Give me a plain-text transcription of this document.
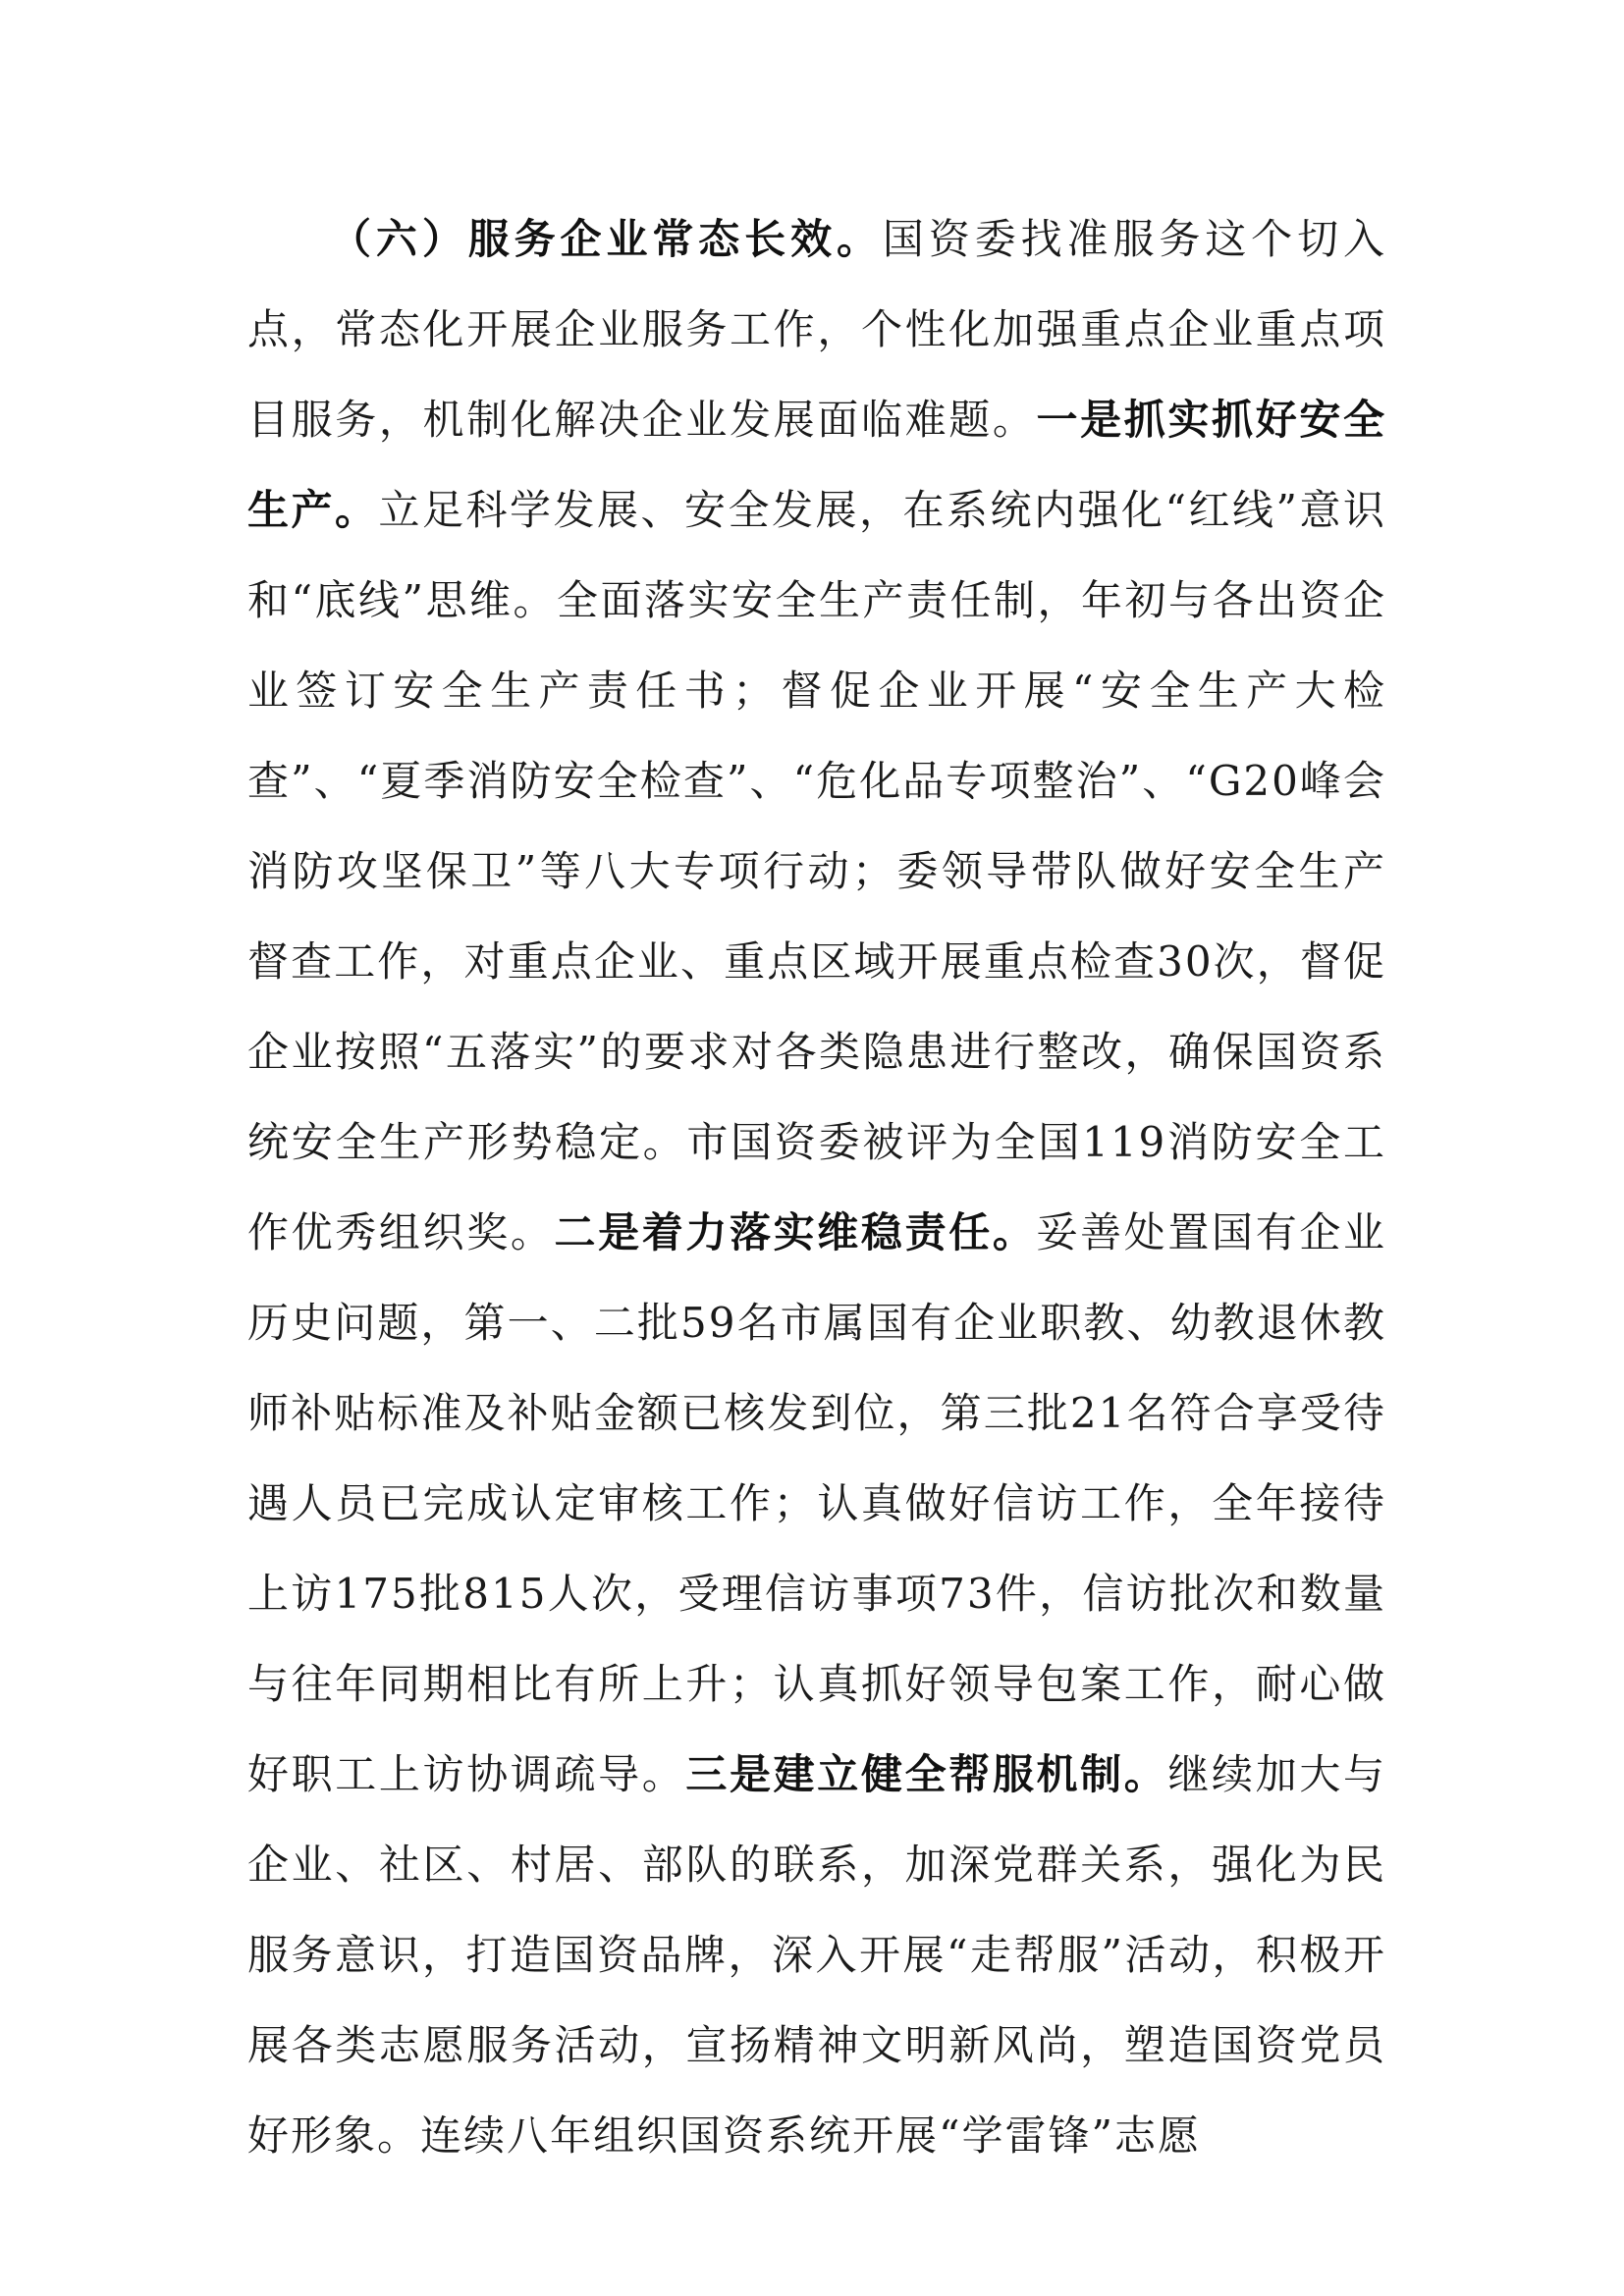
（六）服务企业常态长效。国资委找准服务这个切入点，常态化开展企业服务工作，个性化加强重点企业重点项目服务，机制化解决企业发展面临难题。一是抓实抓好安全生产。立足科学发展、安全发展，在系统内强化“红线”意识和“底线”思维。全面落实安全生产责任制，年初与各出资企业签订安全生产责任书；督促企业开展“安全生产大检查”、“夏季消防安全检查”、“危化品专项整治”、“G20峰会消防攻坚保卫”等八大专项行动；委领导带队做好安全生产督查工作，对重点企业、重点区域开展重点检查30次，督促企业按照“五落实”的要求对各类隐患进行整改，确保国资系统安全生产形势稳定。市国资委被评为全国119消防安全工作优秀组织奖。二是着力落实维稳责任。妥善处置国有企业历史问题，第一、二批59名市属国有企业职教、幼教退休教师补贴标准及补贴金额已核发到位，第三批21名符合享受待遇人员已完成认定审核工作；认真做好信访工作，全年接待上访175批815人次，受理信访事项73件，信访批次和数量与往年同期相比有所上升；认真抓好领导包案工作，耐心做好职工上访协调疏导。三是建立健全帮服机制。继续加大与企业、社区、村居、部队的联系，加深党群关系，强化为民服务意识，打造国资品牌，深入开展“走帮服”活动，积极开展各类志愿服务活动，宣扬精神文明新风尚，塑造国资党员好形象。连续八年组织国资系统开展“学雷锋”志愿
